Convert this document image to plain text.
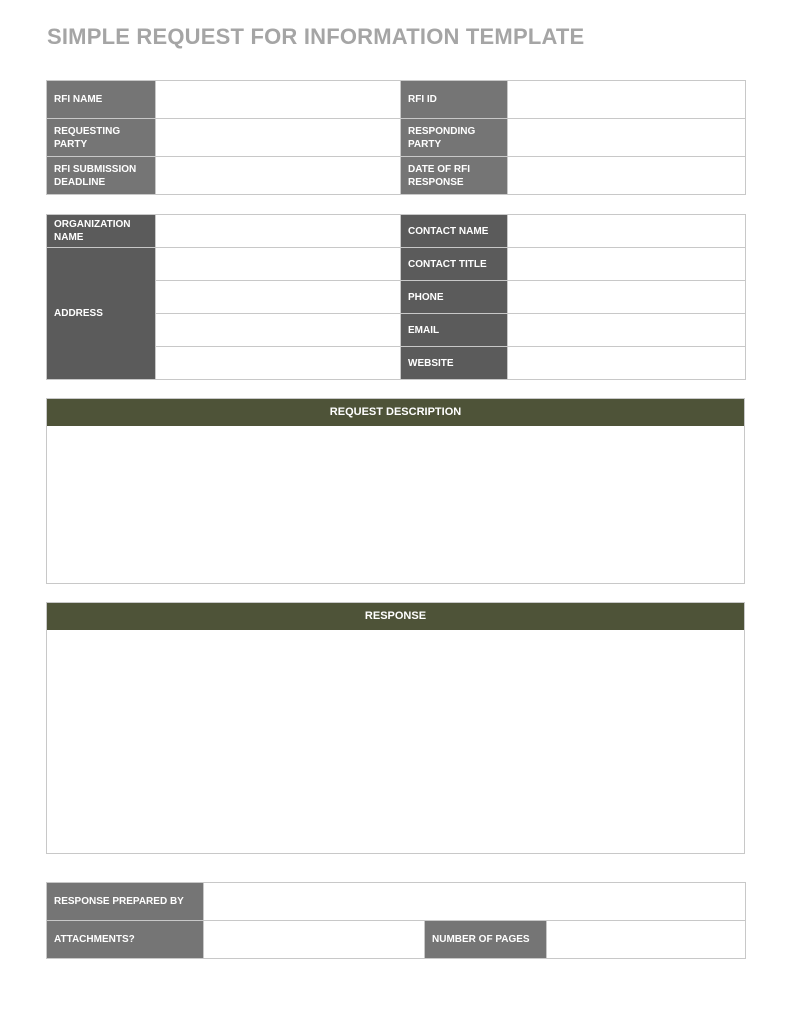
SIMPLE REQUEST FOR INFORMATION TEMPLATE
RFI NAME		RFI ID	
REQUESTING PARTY		RESPONDING PARTY	
RFI SUBMISSION DEADLINE		DATE OF RFI RESPONSE	
ORGANIZATION NAME		CONTACT NAME	
ADDRESS		CONTACT TITLE	
		PHONE	
		EMAIL	
		WEBSITE	
REQUEST DESCRIPTION
RESPONSE
RESPONSE PREPARED BY			
ATTACHMENTS?		NUMBER OF PAGES	
